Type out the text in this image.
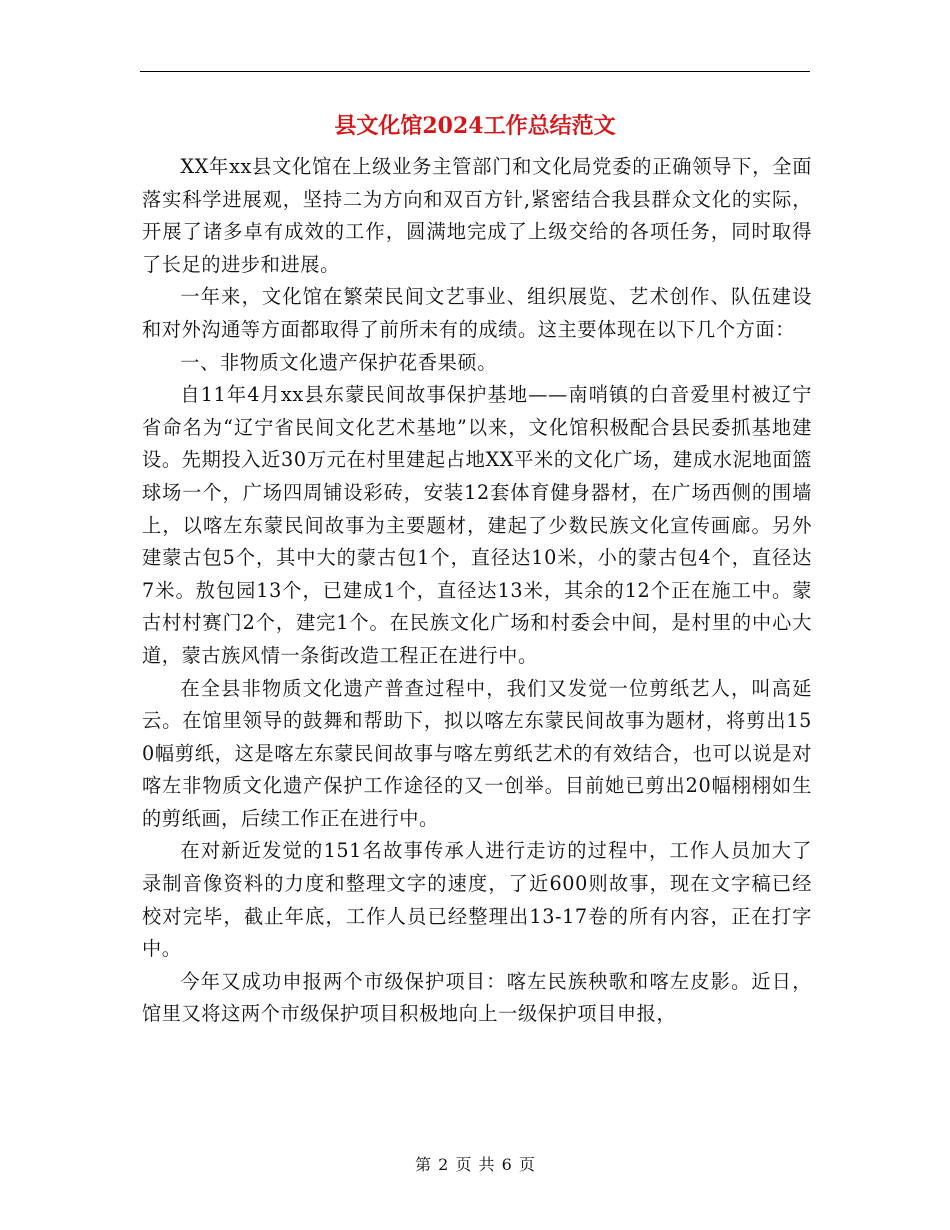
县文化馆2024工作总结范文

XX年xx县文化馆在上级业务主管部门和文化局党委的正确领导下，全面落实科学进展观，坚持二为方向和双百方针,紧密结合我县群众文化的实际，开展了诸多卓有成效的工作，圆满地完成了上级交给的各项任务，同时取得了长足的进步和进展。

一年来，文化馆在繁荣民间文艺事业、组织展览、艺术创作、队伍建设和对外沟通等方面都取得了前所未有的成绩。这主要体现在以下几个方面：

一、非物质文化遗产保护花香果硕。

自11年4月xx县东蒙民间故事保护基地——南哨镇的白音爱里村被辽宁省命名为“辽宁省民间文化艺术基地”以来，文化馆积极配合县民委抓基地建设。先期投入近30万元在村里建起占地XX平米的文化广场，建成水泥地面篮球场一个，广场四周铺设彩砖，安装12套体育健身器材，在广场西侧的围墙上，以喀左东蒙民间故事为主要题材，建起了少数民族文化宣传画廊。另外建蒙古包5个，其中大的蒙古包1个，直径达10米，小的蒙古包4个，直径达7米。敖包园13个，已建成1个，直径达13米，其余的12个正在施工中。蒙古村村赛门2个，建完1个。在民族文化广场和村委会中间，是村里的中心大道，蒙古族风情一条街改造工程正在进行中。

在全县非物质文化遗产普查过程中，我们又发觉一位剪纸艺人，叫高延云。在馆里领导的鼓舞和帮助下，拟以喀左东蒙民间故事为题材，将剪出150幅剪纸，这是喀左东蒙民间故事与喀左剪纸艺术的有效结合，也可以说是对喀左非物质文化遗产保护工作途径的又一创举。目前她已剪出20幅栩栩如生的剪纸画，后续工作正在进行中。

在对新近发觉的151名故事传承人进行走访的过程中，工作人员加大了录制音像资料的力度和整理文字的速度，了近600则故事，现在文字稿已经校对完毕，截止年底，工作人员已经整理出13-17卷的所有内容，正在打字中。

今年又成功申报两个市级保护项目：喀左民族秧歌和喀左皮影。近日，馆里又将这两个市级保护项目积极地向上一级保护项目申报，

第 2 页 共 6 页
